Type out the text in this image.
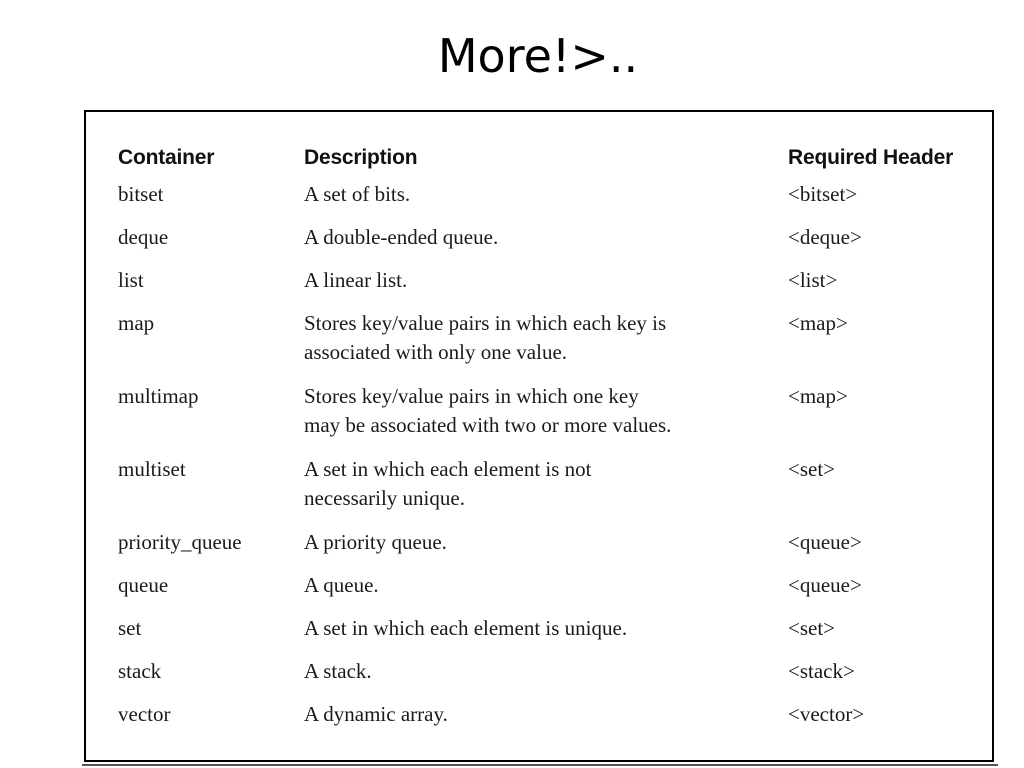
More!>..
Container	Description	Required Header
bitset	A set of bits.	<bitset>
deque	A double-ended queue.	<deque>
list	A linear list.	<list>
map	Stores key/value pairs in which each key is
associated with only one value.	<map>
multimap	Stores key/value pairs in which one key
may be associated with two or more values.	<map>
multiset	A set in which each element is not
necessarily unique.	<set>
priority_queue	A priority queue.	<queue>
queue	A queue.	<queue>
set	A set in which each element is unique.	<set>
stack	A stack.	<stack>
vector	A dynamic array.	<vector>
